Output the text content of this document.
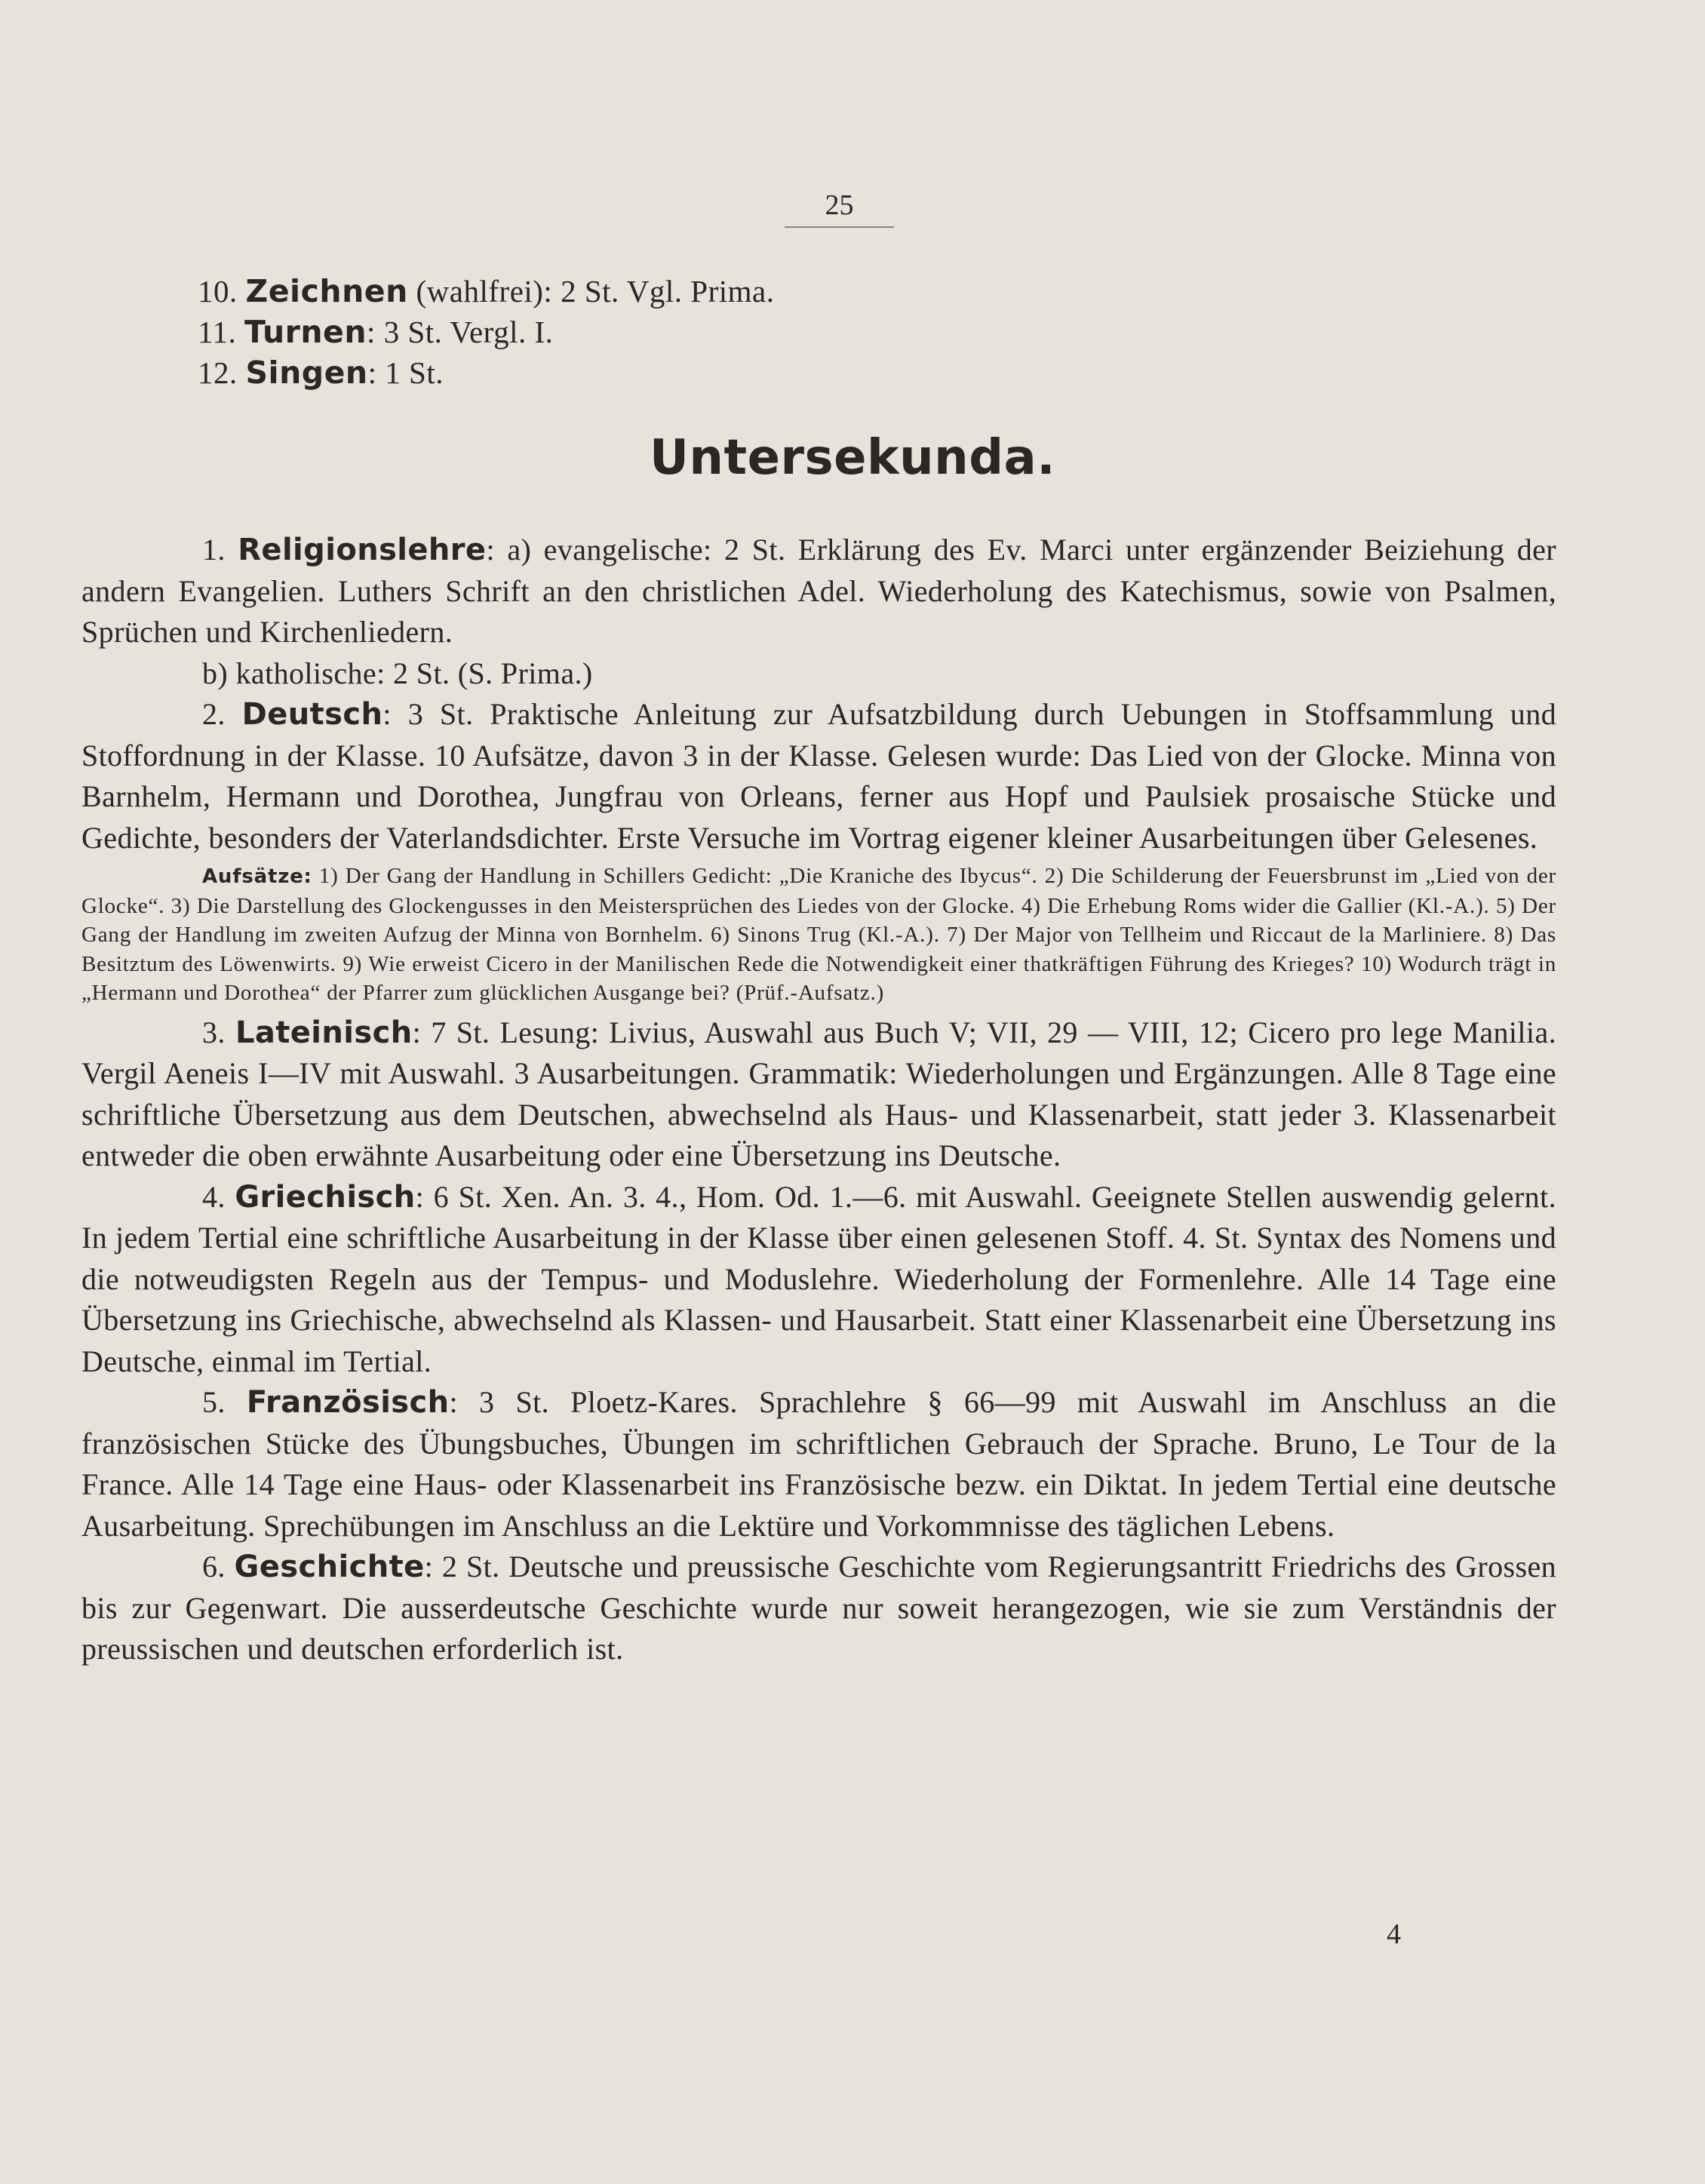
25
10. Zeichnen (wahlfrei): 2 St. Vgl. Prima.
11. Turnen: 3 St. Vergl. I.
12. Singen: 1 St.
Untersekunda.

1. Religionslehre: a) evangelische: 2 St. Erklärung des Ev. Marci unter ergänzender Beiziehung der andern Evangelien. Luthers Schrift an den christlichen Adel. Wiederholung des Katechismus, sowie von Psalmen, Sprüchen und Kirchenliedern.

b) katholische: 2 St. (S. Prima.)

2. Deutsch: 3 St. Praktische Anleitung zur Aufsatzbildung durch Uebungen in Stoffsammlung und Stoffordnung in der Klasse. 10 Aufsätze, davon 3 in der Klasse. Gelesen wurde: Das Lied von der Glocke. Minna von Barnhelm, Hermann und Dorothea, Jungfrau von Orleans, ferner aus Hopf und Paulsiek prosaische Stücke und Gedichte, besonders der Vaterlandsdichter. Erste Versuche im Vortrag eigener kleiner Ausarbeitungen über Gelesenes.

Aufsätze: 1) Der Gang der Handlung in Schillers Gedicht: „Die Kraniche des Ibycus“. 2) Die Schilderung der Feuersbrunst im „Lied von der Glocke“. 3) Die Darstellung des Glockengusses in den Meistersprüchen des Liedes von der Glocke. 4) Die Erhebung Roms wider die Gallier (Kl.-A.). 5) Der Gang der Handlung im zweiten Aufzug der Minna von Bornhelm. 6) Sinons Trug (Kl.-A.). 7) Der Major von Tellheim und Riccaut de la Marliniere. 8) Das Besitztum des Löwenwirts. 9) Wie erweist Cicero in der Manilischen Rede die Notwendigkeit einer thatkräftigen Führung des Krieges? 10) Wodurch trägt in „Hermann und Dorothea“ der Pfarrer zum glücklichen Ausgange bei? (Prüf.-Aufsatz.)

3. Lateinisch: 7 St. Lesung: Livius, Auswahl aus Buch V; VII, 29 — VIII, 12; Cicero pro lege Manilia. Vergil Aeneis I—IV mit Auswahl. 3 Ausarbeitungen. Grammatik: Wiederholungen und Ergänzungen. Alle 8 Tage eine schriftliche Übersetzung aus dem Deutschen, abwechselnd als Haus- und Klassenarbeit, statt jeder 3. Klassenarbeit entweder die oben erwähnte Ausarbeitung oder eine Übersetzung ins Deutsche.

4. Griechisch: 6 St. Xen. An. 3. 4., Hom. Od. 1.—6. mit Auswahl. Geeignete Stellen auswendig gelernt. In jedem Tertial eine schriftliche Ausarbeitung in der Klasse über einen gelesenen Stoff. 4. St. Syntax des Nomens und die notweudigsten Regeln aus der Tempus- und Moduslehre. Wiederholung der Formenlehre. Alle 14 Tage eine Übersetzung ins Griechische, abwechselnd als Klassen- und Hausarbeit. Statt einer Klassenarbeit eine Übersetzung ins Deutsche, einmal im Tertial.

5. Französisch: 3 St. Ploetz-Kares. Sprachlehre § 66—99 mit Auswahl im Anschluss an die französischen Stücke des Übungsbuches, Übungen im schriftlichen Gebrauch der Sprache. Bruno, Le Tour de la France. Alle 14 Tage eine Haus- oder Klassenarbeit ins Französische bezw. ein Diktat. In jedem Tertial eine deutsche Ausarbeitung. Sprechübungen im Anschluss an die Lektüre und Vorkommnisse des täglichen Lebens.

6. Geschichte: 2 St. Deutsche und preussische Geschichte vom Regierungsantritt Friedrichs des Grossen bis zur Gegenwart. Die ausserdeutsche Geschichte wurde nur soweit herangezogen, wie sie zum Verständnis der preussischen und deutschen erforderlich ist.

4
